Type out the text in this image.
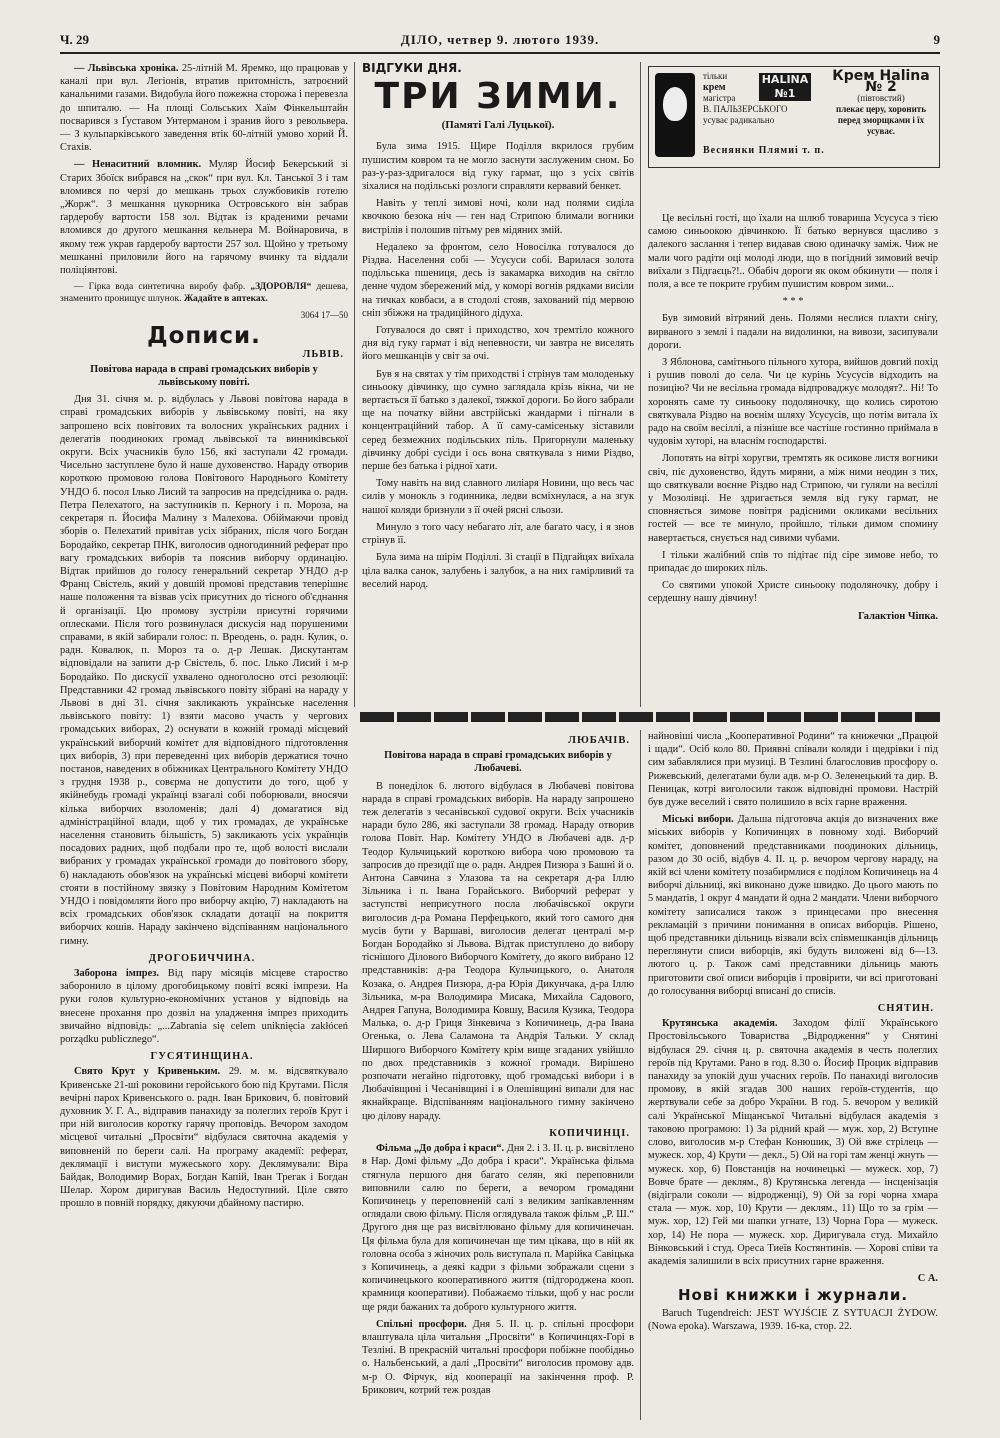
Ч. 29	ДІЛО, четвер 9. лютого 1939.	9

— Львівська хроніка. 25-літній М. Яремко, що працював у каналі при вул. Легіонів, втратив притомність, затроєний канальними газами. Видобула його пожежна сторожа і перевезла до шпиталю. — На площі Сольських Хаїм Фінкельштайн посварився з Ґуставом Унтерманом і зранив його з револьвера. — З кульпарківського заведення втік 60-літній умово хорий Й. Стахів.

— Ненаситний вломник. Муляр Йосиф Бекерський зі Старих Збоїск вибрався на „скок“ при вул. Кл. Танської 3 і там вломився по черзі до мешкань трьох службовиків готелю „Жорж“. З мешкання цукорника Островського він забрав ґардеробу вартости 158 зол. Відтак із краденими речами вломився до другого мешкання кельнера М. Войнаровича, в якому теж украв ґардеробу вартости 257 зол. Щойно у третьому мешканні приловили його на гарячому вчинку та віддали поліціянтові.

— Гірка вода синтетична виробу фабр. „ЗДОРОВЛЯ“ дешева, знаменито пронищує шлунок. Жадайте в аптеках.

3064 17—50
Дописи.
ЛЬВІВ.

Повітова нарада в справі громадських виборів у львівському повіті.

Дня 31. січня м. р. відбулась у Львові повітова нарада в справі громадських виборів у львівському повіті, на яку запрошено всіх повітових та волосних українських радних і делегатів поодиноких громад львівської та винниківської округи. Всіх учасників було 156, які заступали 42 громади. Чисельно заступлене було й наше духовенство. Нараду отворив короткою промовою голова Повітового Народнього Комітету УНДО б. посол Ілько Лисий та запросив на предсідника о. радн. Петра Пелехатого, на заступників п. Керноґу і п. Мороза, на секретаря п. Йосифа Малину з Малехова. Обіймаючи провід зборів о. Пелехатий привітав усіх зібраних, після чого Богдан Бородайко, секретар ПНК, виголосив одногодинний реферат про вагу громадських виборів та пояснив виборчу ординацію. Відтак прийшов до голосу генеральний секретар УНДО д-р Франц Свістель, який у довшій промові представив теперішнє наше положення та візвав усіх присутних до тісного об'єднання й організації. Цю промову зустріли присутні горячими оплесками. Після того розвинулася дискусія над порушеними справами, в якій забирали голос: п. Вреодень, о. радн. Кулик, о. радн. Ковалюк, п. Мороз та о. д-р Лешак. Дискутантам відповідали на запити д-р Свістель, б. пос. Ілько Лисий і м-р Бородайко. По дискусії ухвалено одноголосно отсі резолюції: Представники 42 громад львівського повіту зібрані на нараду у Львові в дні 31. січня закликають українське населення львівського повіту: 1) взяти масово участь у чергових громадських виборах, 2) оснувати в кожній громаді місцевий український виборчий комітет для відповідного підготовлення цих виборів, 3) при переведенні цих виборів держатися точно постанов, наведених в обіжниках Центрального Комітету УНДО з грудня 1938 р., совєрма не допустити до того, щоб у якійнебудь громаді українці взагалі собі поборювали, вносячи кілька виборчих взоломенів; далі 4) домагатися від адміністраційної влади, щоб у тих громадах, де українське населення становить більшість, 5) закликають усіх українців посадових радних, щоб подбали про те, щоб волості вислали вибраних у громадах української громади до повітового збору, 6) накладають обов'язок на українські місцеві виборчі комітети стояти в постійному звязку з Повітовим Народним Комітетом УНДО і повідомляти його про виборчу акцію, 7) накладають на всіх громадських обов'язок складати дотації на покриття виборчих кошів. Нараду закінчено відспіванням національного гимну.

ДРОГОБИЧЧИНА.

Заборона імпрез. Від пару місяців місцеве староство заборонило в цілому дрогобицькому повіті всякі імпрези. На руки голов культурно-економічних установ у відповідь на внесене прохання про дозвіл на уладження імпрез приходить звичайно відповідь: „...Zabrania się celem uniknięcia zakłóceń porządku publicznego“.

ГУСЯТИНЩИНА.

Свято Крут у Кривеньким. 29. м. м. відсвяткувало Кривенське 21-ші роковини геройського бою під Крутами. Після вечірні парох Кривенського о. радн. Іван Брикович, б. повітовий духовник У. Г. А., відправив панахиду за полеглих героїв Крут і при ній виголосив коротку гарячу проповідь. Вечором заходом місцевої читальні „Просвіти“ відбулася святочна академія у виповненій по береги салі. На програму академії: реферат, деклямації і виступи мужеського хору. Деклямували: Віра Байдак, Володимир Ворах, Богдан Капій, Іван Трегак і Богдан Шелар. Хором диригував Василь Недоступний. Ціле свято прошло в повній порядку, дякуючи дбайному пастирю.

ВІДГУКИ ДНЯ.
ТРИ ЗИМИ.
(Памяті Галі Луцької).

Була зима 1915. Щире Поділля вкрилося грубим пушистим ковром та не могло заснути заслуженим сном. Бо раз-у-раз-здригалося від гуку гармат, що з усіх світів зіхалися на подільські розлоги справляти кервавий бенкет.

Навіть у теплі зимові ночі, коли над полями сиділа квочкою безока ніч — ген над Стрипою блимали вогники вистрілів і полошив пітьму рев мідяних змій.

Недалеко за фронтом, село Новосілка готувалося до Різдва. Населення собі — Усусуси собі. Варилася золота подільська пшениця, десь із закамарка виходив на світло денне чудом збережений мід, у коморі вогнів рядками висіли на тичках ковбаси, а в стодолі стояв, захований під мервою сніп збіжжя на традиційного дідуха.

Готувалося до свят і приходство, хоч тремтіло кожного дня від гуку гармат і від непевности, чи завтра не виселять його мешканців у світ за очі.

Був я на святах у тім приходстві і стрінув там молоденьку синьооку дівчинку, що сумно заглядала крізь вікна, чи не вертається її батько з далекої, тяжкої дороги. Бо його забрали ще на початку війни австрійські жандарми і пігнали в концентраційний табор. А її саму-самісеньку зіставили серед безмежних подільських піль. Пригорнули маленьку дівчинку добрі сусіди і ось вона святкувала з ними Різдво, перше без батька і рідної хати.

Тому навіть на вид славного лиліаря Новини, що весь час силів у монокль з годинника, ледви всміхнулася, а на згук нашої коляди бризнули з її очей рясні сльози.

Минуло з того часу небагато літ, але багато часу, і я знов стрінув її.

Була зима на шірім Поділлі. Зі стації в Підгайцях виїхала ціла валка санок, залубень і залубок, а на них гамірливий та веселий народ.

тільки
крем
магістра
В. ПАЛЬЗЕРСЬКОГО
усуває радикально
HALINA №1
Крем Halina № 2
(півтовстий)
плекає цеpу, хоронить перед зморщками і їх усуває.
Веснянки Плямиі т. п.

Це весільні гості, що їхали на шлюб товариша Усусуса з тією самою синьоокою дівчинкою. Її батько вернувся щасливо з далекого заслання і тепер видавав свою одиначку заміж. Чиж не мали чого радіти оці молоді люди, що в погідний зимовий вечір виїхали з Підгаєць?!.. Обабіч дороги як оком обкинути — поля і поля, а все те покрите грубим пушистим ковром зими...

* * *

Був зимовий вітряний день. Полями неслися плахти снігу, вирваного з землі і падали на видолинки, на вивози, засипували дороги.

З Яблонова, самітнього пільного хутора, вийшов довгий похід і рушив поволі до села. Чи це курінь Усусусів відходить на позицію? Чи не весільна громада відпроваджує молодят?.. Ні! То хоронять саме ту синьооку подоляночку, що колись сиротою святкувала Різдво на воєнім шляху Усусусів, що потім витала їх радо на своїм весіллі, а пізніше все частіше гостинно приймала в чудовім хуторі, на власнім господарстві.

Лопотять на вітрі хоругви, тремтять як осикове листя вогники свіч, піє духовенство, йдуть миряни, а між ними неодин з тих, що святкували воєнне Різдво над Стрипою, чи гуляли на весіллі у Мозолівці. Не здригається земля від гуку гармат, не сповняється зимове повітря радісними окликами весільних гостей — все те минуло, пройшло, тільки димом спомину навертається, снується над сивими чубами.

І тільки жалібний спів то підітає під сіре зимове небо, то припадає до широких піль.

Со святими упокой Христе синьооку подоляночку, добру і сердешну нашу дівчину!

Галактіон Чіпка.

ЛЮБАЧІВ.

Повітова нарада в справі громадських виборів у Любачеві.

В понеділок 6. лютого відбулася в Любачеві повітова нарада в справі громадських виборів. На нараду запрошено теж делегатів з чесанівської судової округи. Всіх учасників наради було 286, які заступали 38 громад. Нараду отворив голова Повіт. Нар. Комітету УНДО в Любачеві адв. д-р Теодор Кульчицький короткою вибора чою промовою та запросив до президії ще о. радн. Андрея Пизюра з Башні й о. Антона Савчина з Улазова та на секретаря д-ра Іллю Зільника і п. Івана Горайського. Виборчий реферат у заступстві неприсутного посла любачівської округи виголосив д-ра Романа Перфецького, який того самого дня мусів бути у Варшаві, виголосив делегат централі м-р Богдан Бородайко зі Львова. Відтак приступлено до вибору тіснішого Ділового Виборчого Комітету, до якого вибрано 12 представників: д-ра Теодора Кульчицького, о. Анатоля Козака, о. Андрея Пизюра, д-ра Юрія Дикунчака, д-ра Іллю Зільника, м-ра Володимира Мисака, Михайла Садового, Андрея Гапуна, Володимира Ковшу, Василя Кузика, Теодора Малька, о. д-р Гриця Зінкевича з Копичинець, д-ра Івана Огенька, о. Лева Саламона та Андрія Тальки. У склад Ширшого Виборчого Комітету крім вище згаданих увійшло по двох представників з кожної громади. Вирішено розпочати негайно підготовку, щоб громадські вибори і в Любачівщині і Чесанівщині і в Олешівщині випали для нас якнайкраще. Відспіванням національного гимну закінчено цю ділову нараду.

КОПИЧИНЦІ.

Фільма „До добра і краси“. Дня 2. і 3. II. ц. р. висвітлено в Нар. Домі фільму „До добра і краси“. Українська фільма стягнула першого дня багато селян, які переповнили виповнили салю по береги, а вечором громадяни Копичинець у переповненій салі з великим запікавленням оглядали свою фільму. Після оглядувала також фільм „Р. Ш.“ Другого дня ще раз висвітлювано фільму для копичинечан. Ця фільма була для копичинечан ще тим цікава, що в ній як головна особа з жіночих роль виступала п. Марійка Савіцька з Копичинець, а деякі кадри з фільми зображали сцени з копичинецького кооперативного життя (підгороджена кооп. крамниця кооперативи). Побажаємо тільки, щоб у нас росли ще ряди бажаних та доброго культурного життя.

Спільні просфори. Дня 5. II. ц. р. спільні просфори влаштувала ціла читальня „Просвіти“ в Копичинцях-Горі в Тезліні. В прекрасній читальні просфори побіжне пообідньо о. Нальбенський, а далі „Просвіти“ виголосив промову адв. м-р О. Фірчук, від кооперації на закінчення проф. Р. Брикович, котрий теж роздав

найновіші числа „Кооперативної Родини“ та книжечки „Працюй і щади“. Осіб коло 80. Приявні співали коляди і щедрівки і під сим забавлялися при музиці. В Тезлині благословив просфору о. Рижевський, делегатами були адв. м-р О. Зеленецький та дир. В. Пеницак, котрі виголосили також відповідні промови. Настрій був дуже веселий і свято полишило в всіх гарне враження.

Міські вибори. Дальша підготовча акція до визначених вже міських виборів у Копичинцях в повному ході. Виборчий комітет, доповнений представниками поодиноких дільниць, разом до 30 осіб, відбув 4. II. ц. р. вечором чергову нараду, на якій всі члени комітету позабирмлися є поділом Копичинець на 4 виборчі дільниці, які виконано дуже швидко. До цього мають по 5 мандатів, 1 округ 4 мандати й одна 2 мандати. Члени виборчого комітету записалися також з принцесами про внесення рекламацій з причини понимання в описах виборців. Рішено, щоб представники дільниць візвали всіх співмешканців дільниць переглянути списи виборців, які будуть виложені від 6—13. лютого ц. р. Також самі представники дільниць мають приготовити свої описи виборців і провірити, чи всі приготовані до голосування виборці вписані до списів.

СНЯТИН.

Крутянська академія. Заходом філії Українського Простовільського Товариства „Відродження“ у Снятині відбулася 29. січня ц. р. святочна академія в честь полеглих героїв під Крутами. Рано в год. 8.30 о. Йосиф Процик відправив панахиду за упокій душ учасних героїв. По панахиді виголосив промову, в якій згадав 300 наших героїв-студентів, що жертвували себе за добро України. В год. 5. вечором у великій салі Української Міщанської Читальні відбулася академія з таковою програмою: 1) За рідний край — муж. хор, 2) Вступне слово, виголосив м-р Стефан Конюшик, 3) Ой вже стрілець — мужеск. хор, 4) Крути — декл., 5) Ой на горі там женці жнуть — мужеск. хор, 6) Повстанців на ночинецькі — мужеск. хор, 7) Вовче брате — деклям., 8) Крутянська легенда — інсценізація (відіграли соколи — відродженці), 9) Ой за горі чорна хмара стала — муж. хор, 10) Крути — деклям., 11) Що то за грім — муж. хор, 12) Гей ми шапки угнате, 13) Чорна Гора — мужеск. хор, 14) Не пора — мужеск. хор. Диригувала студ. Михайло Вінковський і студ. Ореса Тиеїв Костянтинів. — Хорові співи та академія залишили в всіх присутних гарне враження.

С А.

Нові книжки і журнали.

Baruch Tugendreich: JEST WYJŚCIE Z SYTUACJI ŻYDOW. (Nowa epoka). Warszawa, 1939. 16-ка, стор. 22.
